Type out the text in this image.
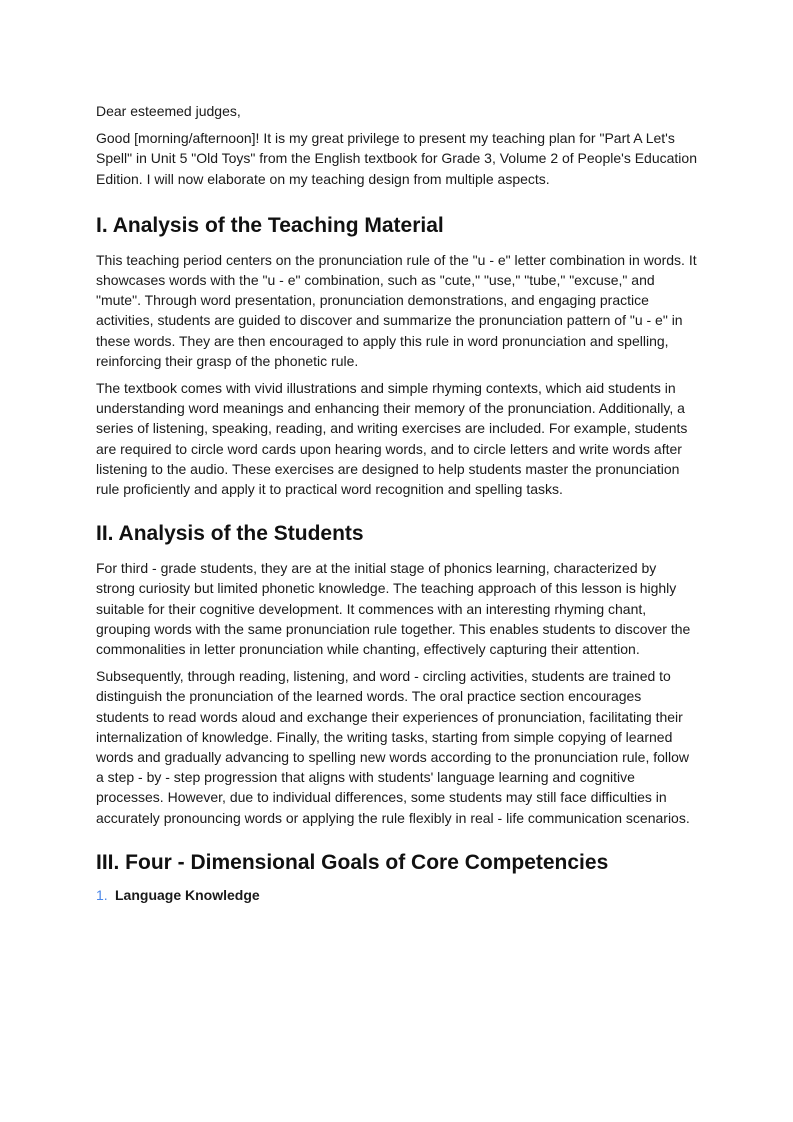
Dear esteemed judges,

Good [morning/afternoon]! It is my great privilege to present my teaching plan for "Part A Let's Spell" in Unit 5 "Old Toys" from the English textbook for Grade 3, Volume 2 of People's Education Edition. I will now elaborate on my teaching design from multiple aspects.

I. Analysis of the Teaching Material

This teaching period centers on the pronunciation rule of the "u - e" letter combination in words. It showcases words with the "u - e" combination, such as "cute," "use," "tube," "excuse," and "mute". Through word presentation, pronunciation demonstrations, and engaging practice activities, students are guided to discover and summarize the pronunciation pattern of "u - e" in these words. They are then encouraged to apply this rule in word pronunciation and spelling, reinforcing their grasp of the phonetic rule.

The textbook comes with vivid illustrations and simple rhyming contexts, which aid students in understanding word meanings and enhancing their memory of the pronunciation. Additionally, a series of listening, speaking, reading, and writing exercises are included. For example, students are required to circle word cards upon hearing words, and to circle letters and write words after listening to the audio. These exercises are designed to help students master the pronunciation rule proficiently and apply it to practical word recognition and spelling tasks.

II. Analysis of the Students

For third - grade students, they are at the initial stage of phonics learning, characterized by strong curiosity but limited phonetic knowledge. The teaching approach of this lesson is highly suitable for their cognitive development. It commences with an interesting rhyming chant, grouping words with the same pronunciation rule together. This enables students to discover the commonalities in letter pronunciation while chanting, effectively capturing their attention.

Subsequently, through reading, listening, and word - circling activities, students are trained to distinguish the pronunciation of the learned words. The oral practice section encourages students to read words aloud and exchange their experiences of pronunciation, facilitating their internalization of knowledge. Finally, the writing tasks, starting from simple copying of learned words and gradually advancing to spelling new words according to the pronunciation rule, follow a step - by - step progression that aligns with students' language learning and cognitive processes. However, due to individual differences, some students may still face difficulties in accurately pronouncing words or applying the rule flexibly in real - life communication scenarios.

III. Four - Dimensional Goals of Core Competencies
1. Language Knowledge
